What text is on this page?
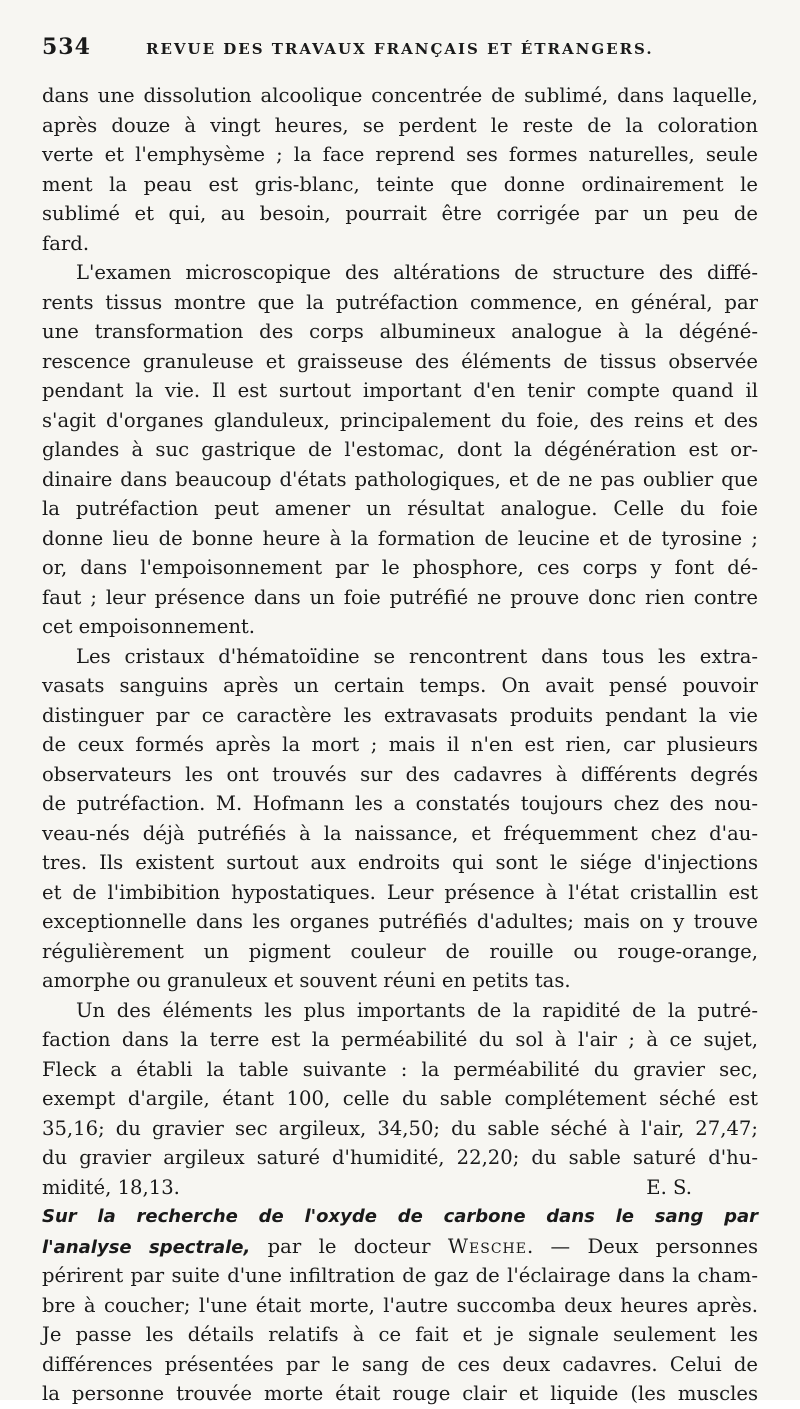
534	REVUE DES TRAVAUX FRANÇAIS ET ÉTRANGERS.
dans une dissolution alcoolique concentrée de sublimé, dans laquelle,
après douze à vingt heures, se perdent le reste de la coloration
verte et l'emphysème ; la face reprend ses formes naturelles, seule
ment la peau est gris-blanc, teinte que donne ordinairement le
sublimé et qui, au besoin, pourrait être corrigée par un peu de
fard.
L'examen microscopique des altérations de structure des diffé-
rents tissus montre que la putréfaction commence, en général, par
une transformation des corps albumineux analogue à la dégéné-
rescence granuleuse et graisseuse des éléments de tissus observée
pendant la vie. Il est surtout important d'en tenir compte quand il
s'agit d'organes glanduleux, principalement du foie, des reins et des
glandes à suc gastrique de l'estomac, dont la dégénération est or-
dinaire dans beaucoup d'états pathologiques, et de ne pas oublier que
la putréfaction peut amener un résultat analogue. Celle du foie
donne lieu de bonne heure à la formation de leucine et de tyrosine ;
or, dans l'empoisonnement par le phosphore, ces corps y font dé-
faut ; leur présence dans un foie putréfié ne prouve donc rien contre
cet empoisonnement.
Les cristaux d'hématoïdine se rencontrent dans tous les extra-
vasats sanguins après un certain temps. On avait pensé pouvoir
distinguer par ce caractère les extravasats produits pendant la vie
de ceux formés après la mort ; mais il n'en est rien, car plusieurs
observateurs les ont trouvés sur des cadavres à différents degrés
de putréfaction. M. Hofmann les a constatés toujours chez des nou-
veau-nés déjà putréfiés à la naissance, et fréquemment chez d'au-
tres. Ils existent surtout aux endroits qui sont le siége d'injections
et de l'imbibition hypostatiques. Leur présence à l'état cristallin est
exceptionnelle dans les organes putréfiés d'adultes; mais on y trouve
régulièrement un pigment couleur de rouille ou rouge-orange,
amorphe ou granuleux et souvent réuni en petits tas.
Un des éléments les plus importants de la rapidité de la putré-
faction dans la terre est la perméabilité du sol à l'air ; à ce sujet,
Fleck a établi la table suivante : la perméabilité du gravier sec,
exempt d'argile, étant 100, celle du sable complétement séché est
35,16; du gravier sec argileux, 34,50; du sable séché à l'air, 27,47;
du gravier argileux saturé d'humidité, 22,20; du sable saturé d'hu-
midité, 18,13.	E. S.
Sur la recherche de l'oxyde de carbone dans le sang par
l'analyse spectrale, par le docteur Wesche. — Deux personnes
périrent par suite d'une infiltration de gaz de l'éclairage dans la cham-
bre à coucher; l'une était morte, l'autre succomba deux heures après.
Je passe les détails relatifs à ce fait et je signale seulement les
différences présentées par le sang de ces deux cadavres. Celui de
la personne trouvée morte était rouge clair et liquide (les muscles
